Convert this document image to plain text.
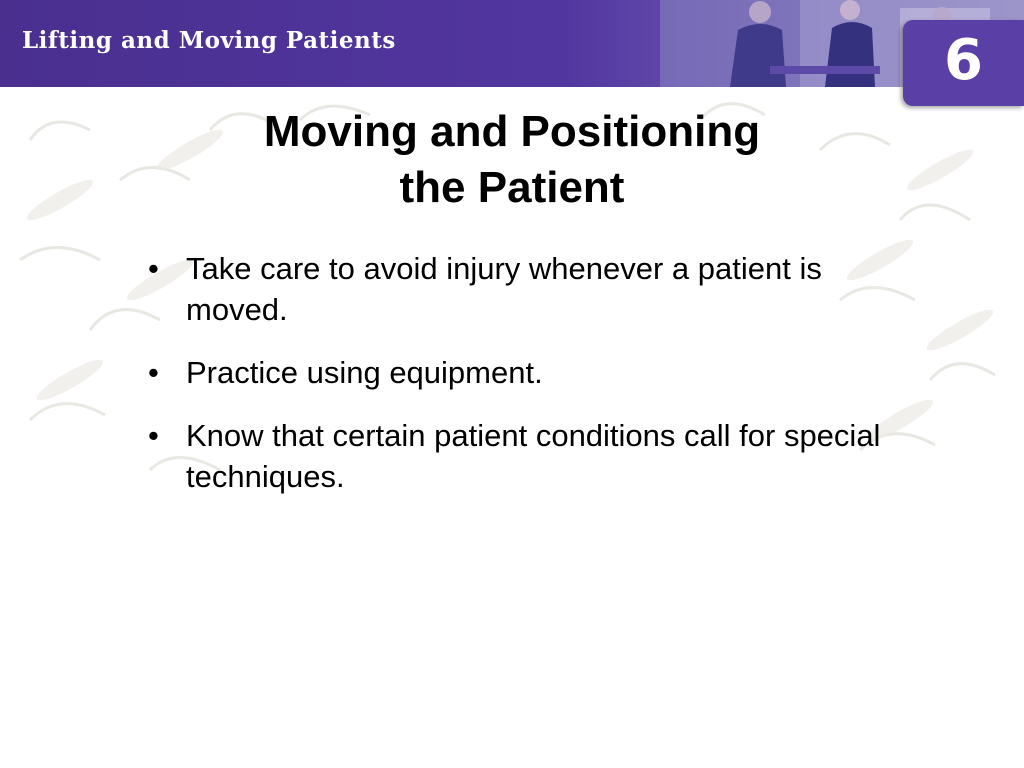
Lifting and Moving Patients	6
Moving and Positioning
the Patient
• Take care to avoid injury whenever a patient is moved.
• Practice using equipment.
• Know that certain patient conditions call for special techniques.
